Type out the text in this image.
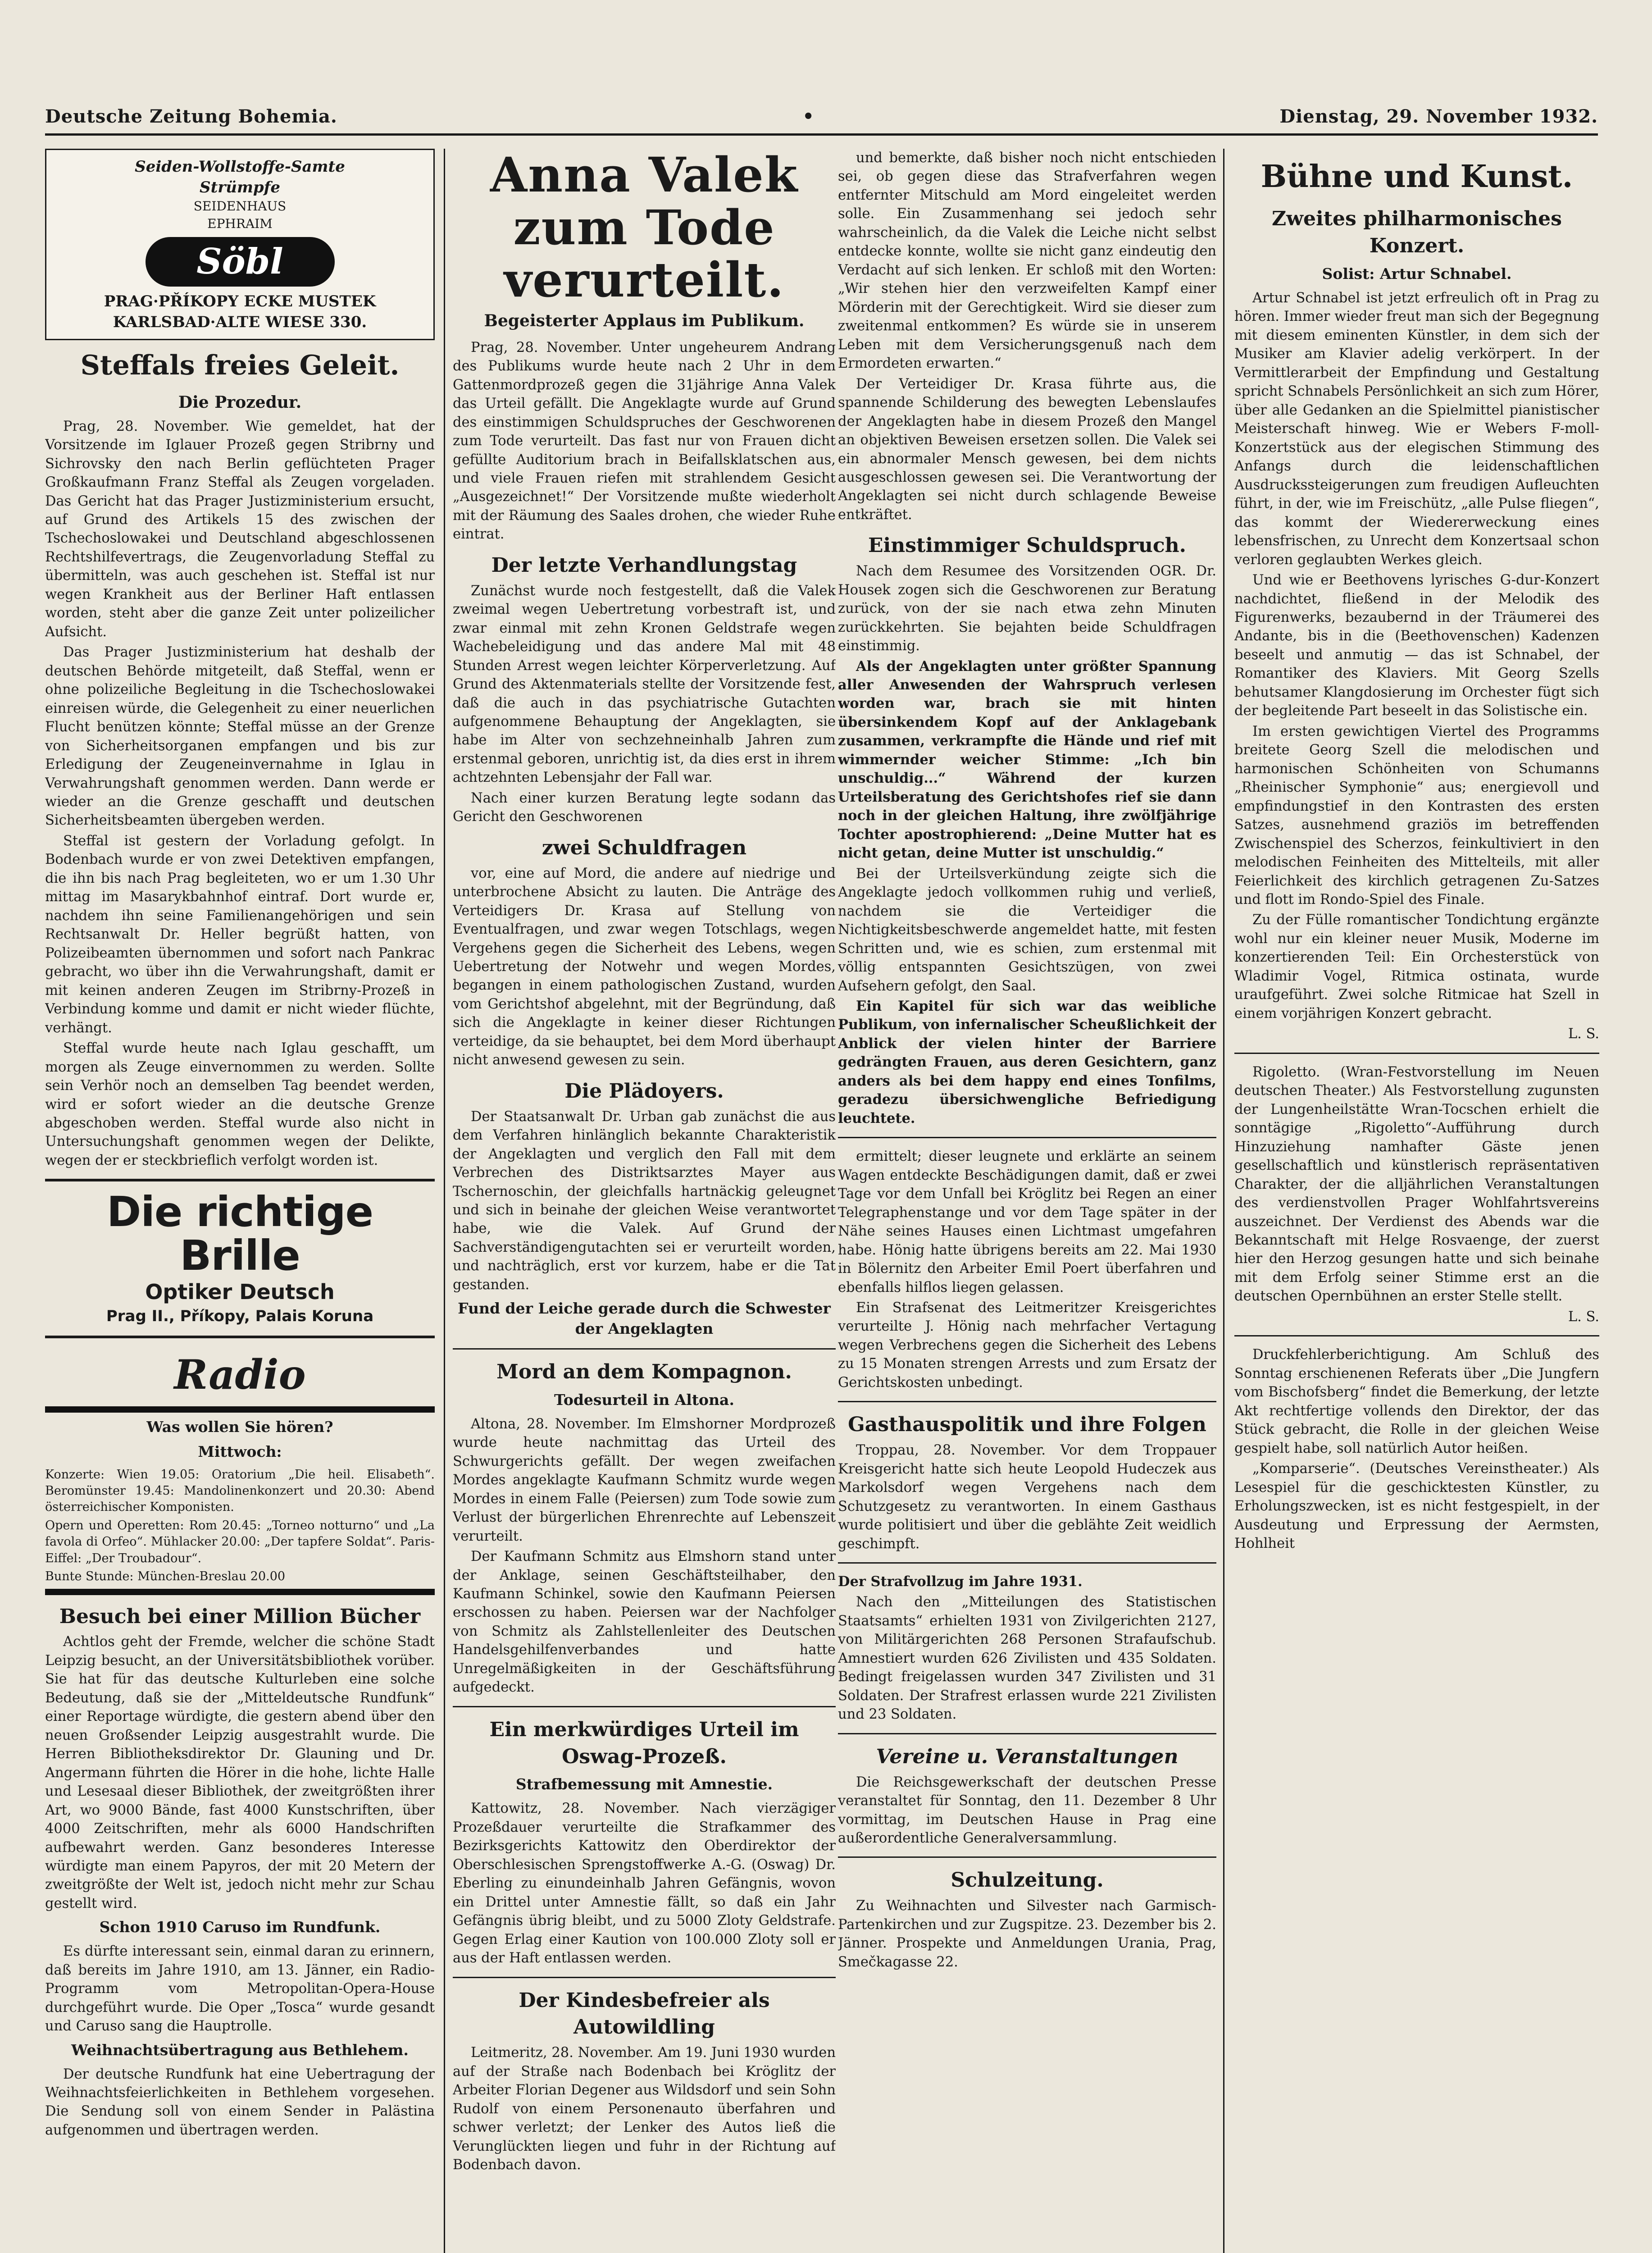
Deutsche Zeitung Bohemia.	•	Dienstag, 29. November 1932.
Seiden-Wollstoffe-Samte
Strümpfe
SEIDENHAUS
EPHRAIM
Söbl
PRAG·PŘÍKOPY ECKE MUSTEK
KARLSBAD·ALTE WIESE 330.
Steffals freies Geleit.
Die Prozedur.

Prag, 28. November. Wie gemeldet, hat der Vorsitzende im Iglauer Prozeß gegen Stribrny und Sichrovsky den nach Berlin geflüchteten Prager Großkaufmann Franz Steffal als Zeugen vorgeladen. Das Gericht hat das Prager Justizministerium ersucht, auf Grund des Artikels 15 des zwischen der Tschechoslowakei und Deutschland abgeschlossenen Rechtshilfevertrags, die Zeugenvorladung Steffal zu übermitteln, was auch geschehen ist. Steffal ist nur wegen Krankheit aus der Berliner Haft entlassen worden, steht aber die ganze Zeit unter polizeilicher Aufsicht.

Das Prager Justizministerium hat deshalb der deutschen Behörde mitgeteilt, daß Steffal, wenn er ohne polizeiliche Begleitung in die Tschechoslowakei einreisen würde, die Gelegenheit zu einer neuerlichen Flucht benützen könnte; Steffal müsse an der Grenze von Sicherheitsorganen empfangen und bis zur Erledigung der Zeugeneinvernahme in Iglau in Verwahrungshaft genommen werden. Dann werde er wieder an die Grenze geschafft und deutschen Sicherheitsbeamten übergeben werden.

Steffal ist gestern der Vorladung gefolgt. In Bodenbach wurde er von zwei Detektiven empfangen, die ihn bis nach Prag begleiteten, wo er um 1.30 Uhr mittag im Masarykbahnhof eintraf. Dort wurde er, nachdem ihn seine Familienangehörigen und sein Rechtsanwalt Dr. Heller begrüßt hatten, von Polizeibeamten übernommen und sofort nach Pankrac gebracht, wo über ihn die Verwahrungshaft, damit er mit keinen anderen Zeugen im Stribrny-Prozeß in Verbindung komme und damit er nicht wieder flüchte, verhängt.

Steffal wurde heute nach Iglau geschafft, um morgen als Zeuge einvernommen zu werden. Sollte sein Verhör noch an demselben Tag beendet werden, wird er sofort wieder an die deutsche Grenze abgeschoben werden. Steffal wurde also nicht in Untersuchungshaft genommen wegen der Delikte, wegen der er steckbrieflich verfolgt worden ist.

Die richtige Brille
Optiker Deutsch
Prag II., Příkopy, Palais Koruna
Radio
Was wollen Sie hören?
Mittwoch:

Konzerte: Wien 19.05: Oratorium „Die heil. Elisabeth“. Beromünster 19.45: Mandolinenkonzert und 20.30: Abend österreichischer Komponisten.

Opern und Operetten: Rom 20.45: „Torneo notturno“ und „La favola di Orfeo“. Mühlacker 20.00: „Der tapfere Soldat“. Paris-Eiffel: „Der Troubadour“.

Bunte Stunde: München-Breslau 20.00

Besuch bei einer Million Bücher

Achtlos geht der Fremde, welcher die schöne Stadt Leipzig besucht, an der Universitätsbibliothek vorüber. Sie hat für das deutsche Kulturleben eine solche Bedeutung, daß sie der „Mitteldeutsche Rundfunk“ einer Reportage würdigte, die gestern abend über den neuen Großsender Leipzig ausgestrahlt wurde. Die Herren Bibliotheksdirektor Dr. Glauning und Dr. Angermann führten die Hörer in die hohe, lichte Halle und Lesesaal dieser Bibliothek, der zweitgrößten ihrer Art, wo 9000 Bände, fast 4000 Kunstschriften, über 4000 Zeitschriften, mehr als 6000 Handschriften aufbewahrt werden. Ganz besonderes Interesse würdigte man einem Papyros, der mit 20 Metern der zweitgrößte der Welt ist, jedoch nicht mehr zur Schau gestellt wird.

Schon 1910 Caruso im Rundfunk.

Es dürfte interessant sein, einmal daran zu erinnern, daß bereits im Jahre 1910, am 13. Jänner, ein Radio-Programm vom Metropolitan-Opera-House durchgeführt wurde. Die Oper „Tosca“ wurde gesandt und Caruso sang die Hauptrolle.

Weihnachtsübertragung aus Bethlehem.

Der deutsche Rundfunk hat eine Uebertragung der Weihnachtsfeierlichkeiten in Bethlehem vorgesehen. Die Sendung soll von einem Sender in Palästina aufgenommen und übertragen werden.

Anna Valek zum Tode verurteilt.
Begeisterter Applaus im Publikum.

Prag, 28. November. Unter ungeheurem Andrang des Publikums wurde heute nach 2 Uhr in dem Gattenmordprozeß gegen die 31jährige Anna Valek das Urteil gefällt. Die Angeklagte wurde auf Grund des einstimmigen Schuldspruches der Geschworenen zum Tode verurteilt. Das fast nur von Frauen dicht gefüllte Auditorium brach in Beifallsklatschen aus, und viele Frauen riefen mit strahlendem Gesicht „Ausgezeichnet!“ Der Vorsitzende mußte wiederholt mit der Räumung des Saales drohen, che wieder Ruhe eintrat.

Der letzte Verhandlungstag

Zunächst wurde noch festgestellt, daß die Valek zweimal wegen Uebertretung vorbestraft ist, und zwar einmal mit zehn Kronen Geldstrafe wegen Wachebeleidigung und das andere Mal mit 48 Stunden Arrest wegen leichter Körperverletzung. Auf Grund des Aktenmaterials stellte der Vorsitzende fest, daß die auch in das psychiatrische Gutachten aufgenommene Behauptung der Angeklagten, sie habe im Alter von sechzehneinhalb Jahren zum erstenmal geboren, unrichtig ist, da dies erst in ihrem achtzehnten Lebensjahr der Fall war.

Nach einer kurzen Beratung legte sodann das Gericht den Geschworenen

zwei Schuldfragen

vor, eine auf Mord, die andere auf niedrige und unterbrochene Absicht zu lauten. Die Anträge des Verteidigers Dr. Krasa auf Stellung von Eventualfragen, und zwar wegen Totschlags, wegen Vergehens gegen die Sicherheit des Lebens, wegen Uebertretung der Notwehr und wegen Mordes, begangen in einem pathologischen Zustand, wurden vom Gerichtshof abgelehnt, mit der Begründung, daß sich die Angeklagte in keiner dieser Richtungen verteidige, da sie behauptet, bei dem Mord überhaupt nicht anwesend gewesen zu sein.

Die Plädoyers.

Der Staatsanwalt Dr. Urban gab zunächst die aus dem Verfahren hinlänglich bekannte Charakteristik der Angeklagten und verglich den Fall mit dem Verbrechen des Distriktsarztes Mayer aus Tschernoschin, der gleichfalls hartnäckig geleugnet und sich in beinahe der gleichen Weise verantwortet habe, wie die Valek. Auf Grund der Sachverständigengutachten sei er verurteilt worden, und nachträglich, erst vor kurzem, habe er die Tat gestanden.

Fund der Leiche gerade durch die Schwester der Angeklagten
Mord an dem Kompagnon.
Todesurteil in Altona.

Altona, 28. November. Im Elmshorner Mordprozeß wurde heute nachmittag das Urteil des Schwurgerichts gefällt. Der wegen zweifachen Mordes angeklagte Kaufmann Schmitz wurde wegen Mordes in einem Falle (Peiersen) zum Tode sowie zum Verlust der bürgerlichen Ehrenrechte auf Lebenszeit verurteilt.

Der Kaufmann Schmitz aus Elmshorn stand unter der Anklage, seinen Geschäftsteilhaber, den Kaufmann Schinkel, sowie den Kaufmann Peiersen erschossen zu haben. Peiersen war der Nachfolger von Schmitz als Zahlstellenleiter des Deutschen Handelsgehilfenverbandes und hatte Unregelmäßigkeiten in der Geschäftsführung aufgedeckt.

Ein merkwürdiges Urteil im Oswag-Prozeß.
Strafbemessung mit Amnestie.

Kattowitz, 28. November. Nach vierzägiger Prozeßdauer verurteilte die Strafkammer des Bezirksgerichts Kattowitz den Oberdirektor der Oberschlesischen Sprengstoffwerke A.-G. (Oswag) Dr. Eberling zu einundeinhalb Jahren Gefängnis, wovon ein Drittel unter Amnestie fällt, so daß ein Jahr Gefängnis übrig bleibt, und zu 5000 Zloty Geldstrafe. Gegen Erlag einer Kaution von 100.000 Zloty soll er aus der Haft entlassen werden.

Der Kindesbefreier als Autowildling

Leitmeritz, 28. November. Am 19. Juni 1930 wurden auf der Straße nach Bodenbach bei Kröglitz der Arbeiter Florian Degener aus Wildsdorf und sein Sohn Rudolf von einem Personenauto überfahren und schwer verletzt; der Lenker des Autos ließ die Verunglückten liegen und fuhr in der Richtung auf Bodenbach davon.

und bemerkte, daß bisher noch nicht entschieden sei, ob gegen diese das Strafverfahren wegen entfernter Mitschuld am Mord eingeleitet werden solle. Ein Zusammenhang sei jedoch sehr wahrscheinlich, da die Valek die Leiche nicht selbst entdecke konnte, wollte sie nicht ganz eindeutig den Verdacht auf sich lenken. Er schloß mit den Worten: „Wir stehen hier den verzweifelten Kampf einer Mörderin mit der Gerechtigkeit. Wird sie dieser zum zweitenmal entkommen? Es würde sie in unserem Leben mit dem Versicherungsgenuß nach dem Ermordeten erwarten.“

Der Verteidiger Dr. Krasa führte aus, die spannende Schilderung des bewegten Lebenslaufes der Angeklagten habe in diesem Prozeß den Mangel an objektiven Beweisen ersetzen sollen. Die Valek sei ein abnormaler Mensch gewesen, bei dem nichts ausgeschlossen gewesen sei. Die Verantwortung der Angeklagten sei nicht durch schlagende Beweise entkräftet.

Einstimmiger Schuldspruch.

Nach dem Resumee des Vorsitzenden OGR. Dr. Housek zogen sich die Geschworenen zur Beratung zurück, von der sie nach etwa zehn Minuten zurückkehrten. Sie bejahten beide Schuldfragen einstimmig.

Als der Angeklagten unter größter Spannung aller Anwesenden der Wahrspruch verlesen worden war, brach sie mit hinten übersinkendem Kopf auf der Anklagebank zusammen, verkrampfte die Hände und rief mit wimmernder weicher Stimme: „Ich bin unschuldig...“ Während der kurzen Urteilsberatung des Gerichtshofes rief sie dann noch in der gleichen Haltung, ihre zwölfjährige Tochter apostrophierend: „Deine Mutter hat es nicht getan, deine Mutter ist unschuldig.“

Bei der Urteilsverkündung zeigte sich die Angeklagte jedoch vollkommen ruhig und verließ, nachdem sie die Verteidiger die Nichtigkeitsbeschwerde angemeldet hatte, mit festen Schritten und, wie es schien, zum erstenmal mit völlig entspannten Gesichtszügen, von zwei Aufsehern gefolgt, den Saal.

Ein Kapitel für sich war das weibliche Publikum, von infernalischer Scheußlichkeit der Anblick der vielen hinter der Barriere gedrängten Frauen, aus deren Gesichtern, ganz anders als bei dem happy end eines Tonfilms, geradezu übersichwengliche Befriedigung leuchtete.

ermittelt; dieser leugnete und erklärte an seinem Wagen entdeckte Beschädigungen damit, daß er zwei Tage vor dem Unfall bei Kröglitz bei Regen an einer Telegraphenstange und vor dem Tage später in der Nähe seines Hauses einen Lichtmast umgefahren habe. Hönig hatte übrigens bereits am 22. Mai 1930 in Bölernitz den Arbeiter Emil Poert überfahren und ebenfalls hilflos liegen gelassen.

Ein Strafsenat des Leitmeritzer Kreisgerichtes verurteilte J. Hönig nach mehrfacher Vertagung wegen Verbrechens gegen die Sicherheit des Lebens zu 15 Monaten strengen Arrests und zum Ersatz der Gerichtskosten unbedingt.

Gasthauspolitik und ihre Folgen

Troppau, 28. November. Vor dem Troppauer Kreisgericht hatte sich heute Leopold Hudeczek aus Markolsdorf wegen Vergehens nach dem Schutzgesetz zu verantworten. In einem Gasthaus wurde politisiert und über die geblähte Zeit weidlich geschimpft.

Der Strafvollzug im Jahre 1931.

Nach den „Mitteilungen des Statistischen Staatsamts“ erhielten 1931 von Zivilgerichten 2127, von Militärgerichten 268 Personen Strafaufschub. Amnestiert wurden 626 Zivilisten und 435 Soldaten. Bedingt freigelassen wurden 347 Zivilisten und 31 Soldaten. Der Strafrest erlassen wurde 221 Zivilisten und 23 Soldaten.

Vereine u. Veranstaltungen

Die Reichsgewerkschaft der deutschen Presse veranstaltet für Sonntag, den 11. Dezember 8 Uhr vormittag, im Deutschen Hause in Prag eine außerordentliche Generalversammlung.

Schulzeitung.

Zu Weihnachten und Silvester nach Garmisch-Partenkirchen und zur Zugspitze. 23. Dezember bis 2. Jänner. Prospekte und Anmeldungen Urania, Prag, Smečkagasse 22.

Bühne und Kunst.
Zweites philharmonisches Konzert.
Solist: Artur Schnabel.

Artur Schnabel ist jetzt erfreulich oft in Prag zu hören. Immer wieder freut man sich der Begegnung mit diesem eminenten Künstler, in dem sich der Musiker am Klavier adelig verkörpert. In der Vermittlerarbeit der Empfindung und Gestaltung spricht Schnabels Persönlichkeit an sich zum Hörer, über alle Gedanken an die Spielmittel pianistischer Meisterschaft hinweg. Wie er Webers F-moll-Konzertstück aus der elegischen Stimmung des Anfangs durch die leidenschaftlichen Ausdruckssteigerungen zum freudigen Aufleuchten führt, in der, wie im Freischütz, „alle Pulse fliegen“, das kommt der Wiedererweckung eines lebensfrischen, zu Unrecht dem Konzertsaal schon verloren geglaubten Werkes gleich.

Und wie er Beethovens lyrisches G-dur-Konzert nachdichtet, fließend in der Melodik des Figurenwerks, bezaubernd in der Träumerei des Andante, bis in die (Beethovenschen) Kadenzen beseelt und anmutig — das ist Schnabel, der Romantiker des Klaviers. Mit Georg Szells behutsamer Klangdosierung im Orchester fügt sich der begleitende Part beseelt in das Solistische ein.

Im ersten gewichtigen Viertel des Programms breitete Georg Szell die melodischen und harmonischen Schönheiten von Schumanns „Rheinischer Symphonie“ aus; energievoll und empfindungstief in den Kontrasten des ersten Satzes, ausnehmend graziös im betreffenden Zwischenspiel des Scherzos, feinkultiviert in den melodischen Feinheiten des Mittelteils, mit aller Feierlichkeit des kirchlich getragenen Zu-Satzes und flott im Rondo-Spiel des Finale.

Zu der Fülle romantischer Tondichtung ergänzte wohl nur ein kleiner neuer Musik, Moderne im konzertierenden Teil: Ein Orchesterstück von Wladimir Vogel, Ritmica ostinata, wurde uraufgeführt. Zwei solche Ritmicae hat Szell in einem vorjährigen Konzert gebracht.

L. S.

Rigoletto. (Wran-Festvorstellung im Neuen deutschen Theater.) Als Festvorstellung zugunsten der Lungenheilstätte Wran-Tocschen erhielt die sonntägige „Rigoletto“-Aufführung durch Hinzuziehung namhafter Gäste jenen gesellschaftlich und künstlerisch repräsentativen Charakter, der die alljährlichen Veranstaltungen des verdienstvollen Prager Wohlfahrtsvereins auszeichnet. Der Verdienst des Abends war die Bekanntschaft mit Helge Rosvaenge, der zuerst hier den Herzog gesungen hatte und sich beinahe mit dem Erfolg seiner Stimme erst an die deutschen Opernbühnen an erster Stelle stellt.

L. S.

Druckfehlerberichtigung. Am Schluß des Sonntag erschienenen Referats über „Die Jungfern vom Bischofsberg“ findet die Bemerkung, der letzte Akt rechtfertige vollends den Direktor, der das Stück gebracht, die Rolle in der gleichen Weise gespielt habe, soll natürlich Autor heißen.

„Komparserie“. (Deutsches Vereinstheater.) Als Lesespiel für die geschicktesten Künstler, zu Erholungszwecken, ist es nicht festgespielt, in der Ausdeutung und Erpressung der Aermsten, Hohlheit
